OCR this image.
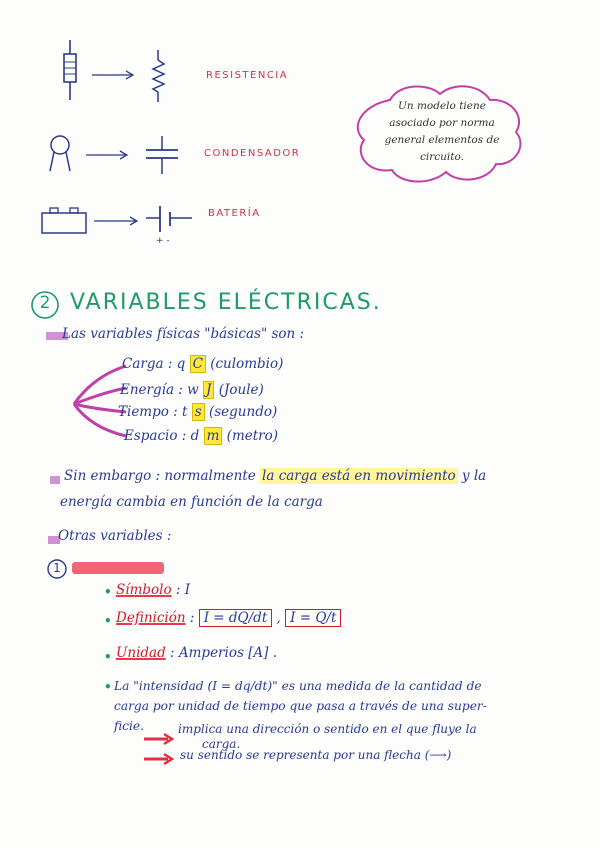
RESISTENCIA
CONDENSADOR
+ -
BATERÍA
Un modelo tiene
asociado por norma
general elementos de
circuito.
2 VARIABLES ELÉCTRICAS.
Las variables físicas "básicas" son :
Carga : q C (culombio)
Energía : w J (Joule)
Tiempo : t s (segundo)
Espacio : d m (metro)
Sin embargo : normalmente la carga está en movimiento y la
energía cambia en función de la carga
Otras variables :
1
• Símbolo : I
• Definición : I = dQ/dt , I = Q/t
• Unidad : Amperios [A] .
• La "intensidad (I = dq/dt)" es una medida de la cantidad de
carga por unidad de tiempo que pasa a través de una super-
ficie.	implica una dirección o sentido en el que fluye la
carga.
su sentido se representa por una flecha (⟶)
